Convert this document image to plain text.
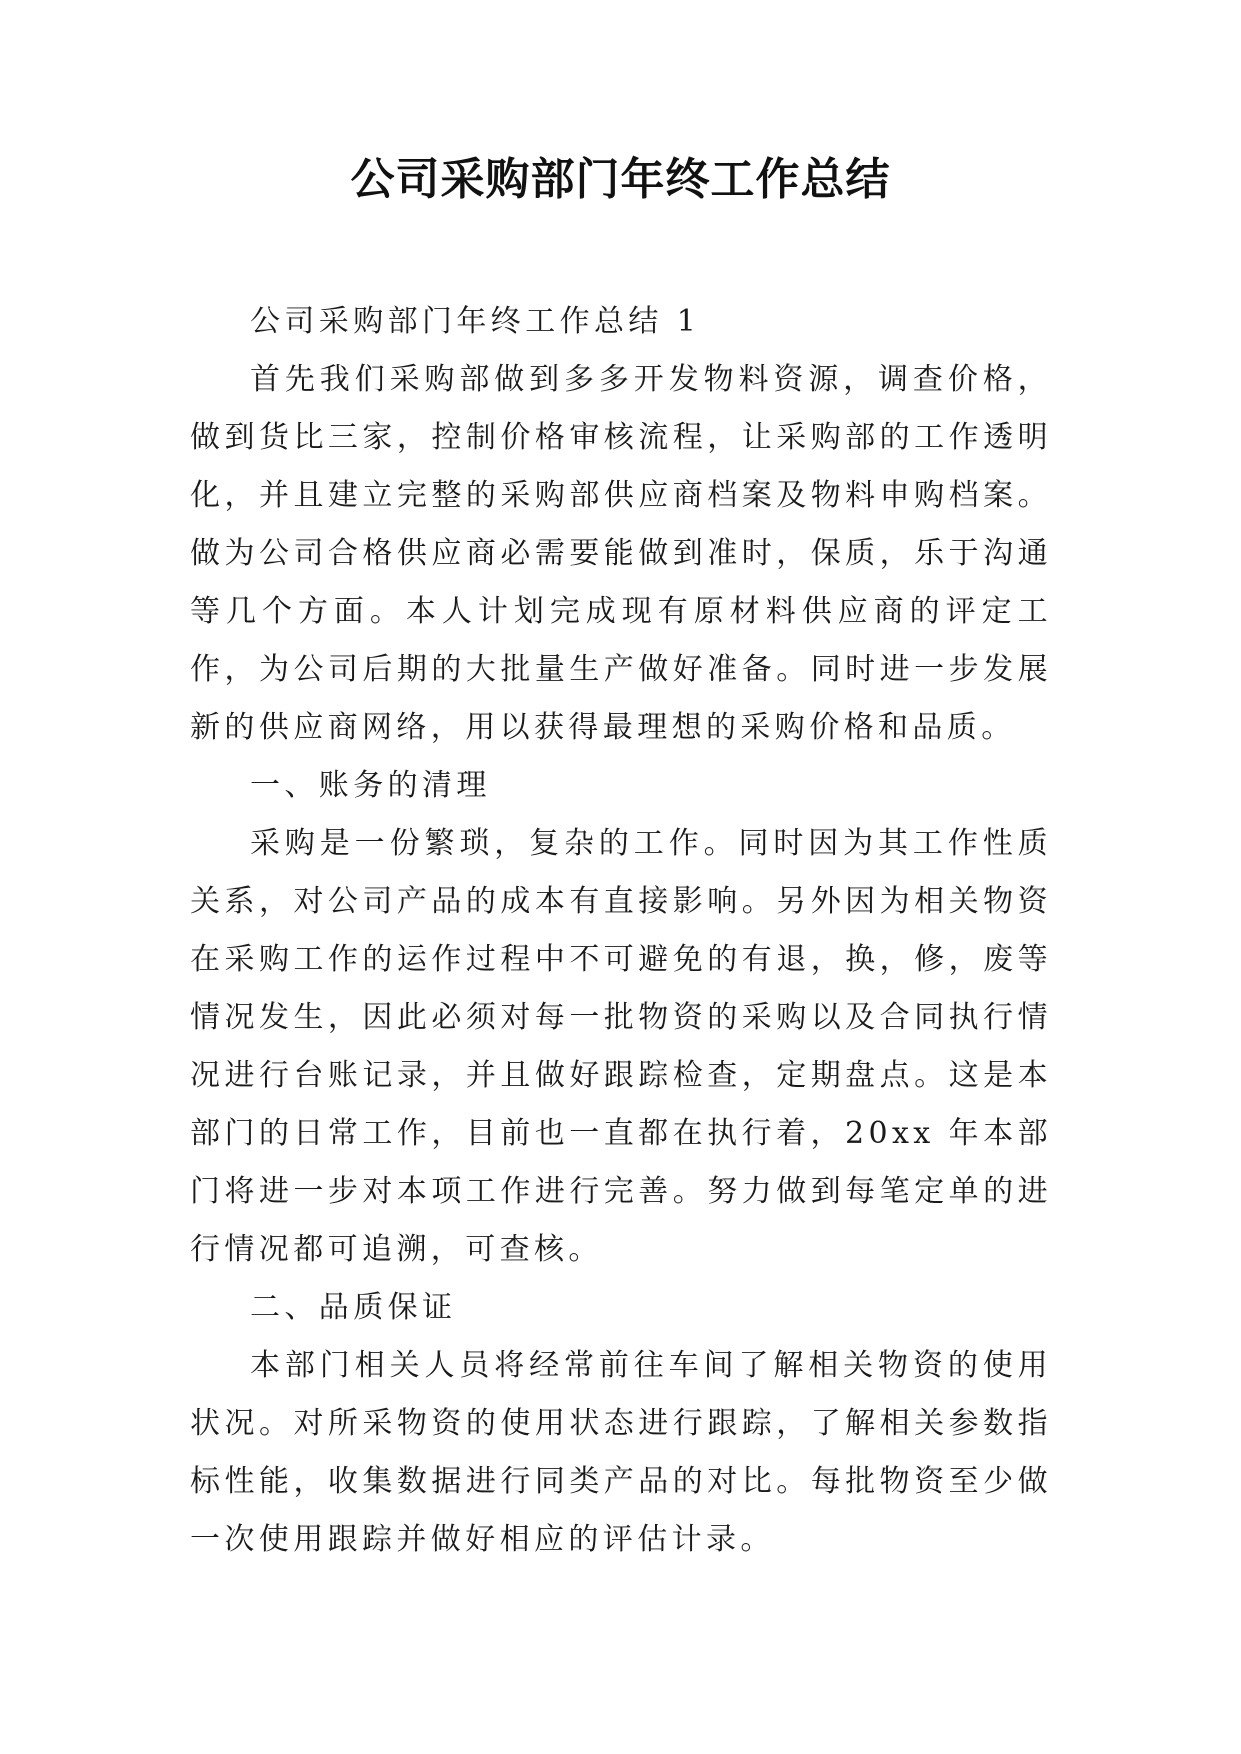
公司采购部门年终工作总结

公司采购部门年终工作总结 1

首先我们采购部做到多多开发物料资源，调查价格，做到货比三家，控制价格审核流程，让采购部的工作透明化，并且建立完整的采购部供应商档案及物料申购档案。做为公司合格供应商必需要能做到准时，保质，乐于沟通等几个方面。本人计划完成现有原材料供应商的评定工作，为公司后期的大批量生产做好准备。同时进一步发展新的供应商网络，用以获得最理想的采购价格和品质。

一、账务的清理

采购是一份繁琐，复杂的工作。同时因为其工作性质关系，对公司产品的成本有直接影响。另外因为相关物资在采购工作的运作过程中不可避免的有退，换，修，废等情况发生，因此必须对每一批物资的采购以及合同执行情况进行台账记录，并且做好跟踪检查，定期盘点。这是本部门的日常工作，目前也一直都在执行着，20xx 年本部门将进一步对本项工作进行完善。努力做到每笔定单的进行情况都可追溯，可查核。

二、品质保证

本部门相关人员将经常前往车间了解相关物资的使用状况。对所采物资的使用状态进行跟踪，了解相关参数指标性能，收集数据进行同类产品的对比。每批物资至少做一次使用跟踪并做好相应的评估计录。
